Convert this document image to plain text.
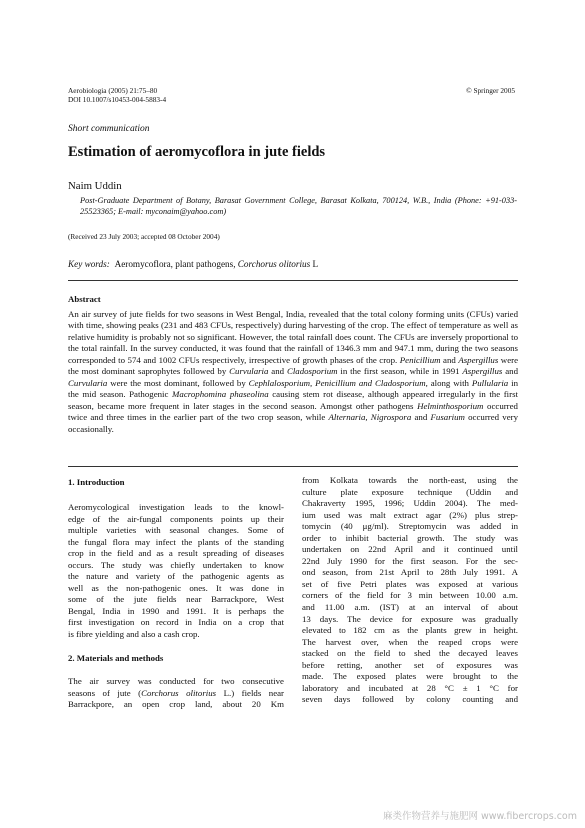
Aerobiologia (2005) 21:75–80
DOI 10.1007/s10453-004-5883-4
© Springer 2005
Short communication
Estimation of aeromycoflora in jute fields
Naim Uddin
Post-Graduate Department of Botany, Barasat Government College, Barasat Kolkata, 700124, W.B., India (Phone: +91-033-25523365; E-mail: myconaim@yahoo.com)
(Received 23 July 2003; accepted 08 October 2004)
Key words: Aeromycoflora, plant pathogens, Corchorus olitorius L
Abstract
An air survey of jute fields for two seasons in West Bengal, India, revealed that the total colony forming units (CFUs) varied with time, showing peaks (231 and 483 CFUs, respectively) during harvesting of the crop. The effect of temperature as well as relative humidity is probably not so significant. However, the total rainfall does count. The CFUs are inversely proportional to the total rainfall. In the survey conducted, it was found that the rainfall of 1346.3 mm and 947.1 mm, during the two seasons corresponded to 574 and 1002 CFUs respectively, irrespective of growth phases of the crop. Penicillium and Aspergillus were the most dominant saprophytes followed by Curvularia and Cladosporium in the first season, while in 1991 Aspergillus and Curvularia were the most dominant, followed by Cephlalosporium, Penicillium and Cladosporium, along with Pullularia in the mid season. Pathogenic Macrophomina phaseolina causing stem rot disease, although appeared irregularly in the first season, became more frequent in later stages in the second season. Amongst other pathogens Helminthosporium occurred twice and three times in the earlier part of the two crop season, while Alternaria, Nigrospora and Fusarium occurred very occasionally.
1. Introduction
Aeromycological investigation leads to the knowl-
edge of the air-fungal components points up their
multiple varieties with seasonal changes. Some of
the fungal flora may infect the plants of the standing
crop in the field and as a result spreading of diseases
occurs. The study was chiefly undertaken to know
the nature and variety of the pathogenic agents as
well as the non-pathogenic ones. It was done in
some of the jute fields near Barrackpore, West
Bengal, India in 1990 and 1991. It is perhaps the
first investigation on record in India on a crop that
is fibre yielding and also a cash crop.
2. Materials and methods
The air survey was conducted for two consecutive
seasons of jute (Corchorus olitorius L.) fields near
Barrackpore, an open crop land, about 20 Km
from Kolkata towards the north-east, using the
culture plate exposure technique (Uddin and
Chakraverty 1995, 1996; Uddin 2004). The med-
ium used was malt extract agar (2%) plus strep-
tomycin (40 μg/ml). Streptomycin was added in
order to inhibit bacterial growth. The study was
undertaken on 22nd April and it continued until
22nd July 1990 for the first season. For the sec-
ond season, from 21st April to 28th July 1991. A
set of five Petri plates was exposed at various
corners of the field for 3 min between 10.00 a.m.
and 11.00 a.m. (IST) at an interval of about
13 days. The device for exposure was gradually
elevated to 182 cm as the plants grew in height.
The harvest over, when the reaped crops were
stacked on the field to shed the decayed leaves
before retting, another set of exposures was
made. The exposed plates were brought to the
laboratory and incubated at 28 °C ± 1 °C for
seven days followed by colony counting and
麻类作物营养与施肥网 www.fibercrops.com
